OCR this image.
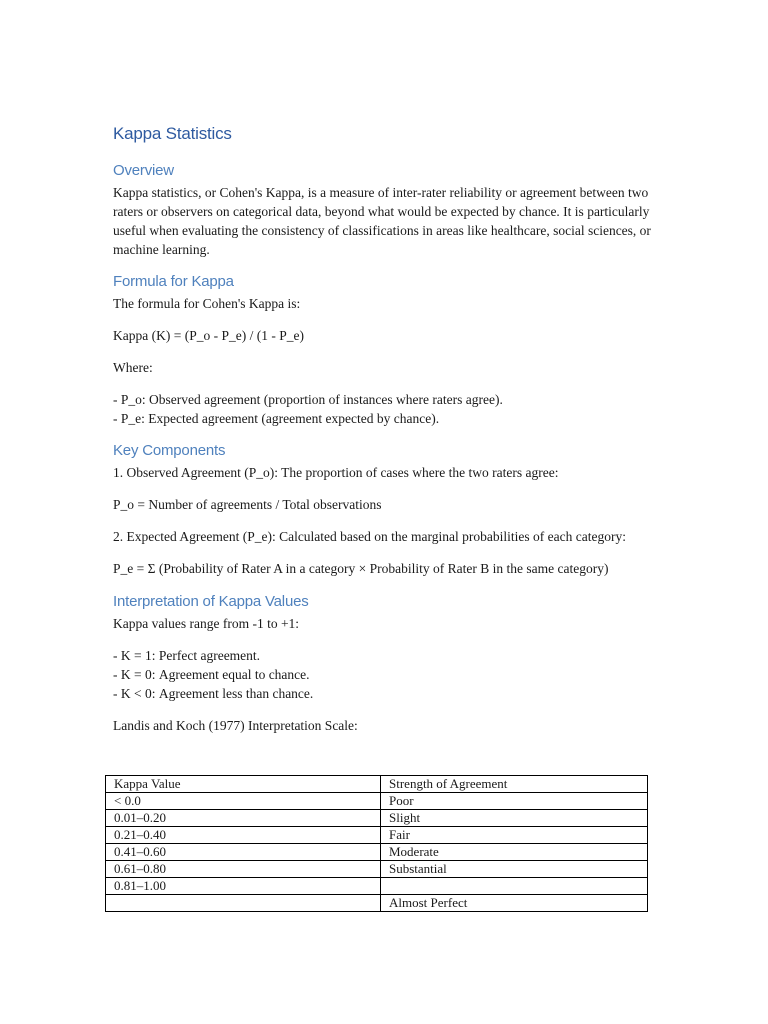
Kappa Statistics
Overview

Kappa statistics, or Cohen's Kappa, is a measure of inter-rater reliability or agreement between two raters or observers on categorical data, beyond what would be expected by chance. It is particularly useful when evaluating the consistency of classifications in areas like healthcare, social sciences, or machine learning.

Formula for Kappa

The formula for Cohen's Kappa is:

Kappa (Κ) = (P_o - P_e) / (1 - P_e)

Where:

- P_o: Observed agreement (proportion of instances where raters agree).

- P_e: Expected agreement (agreement expected by chance).

Key Components

1. Observed Agreement (P_o): The proportion of cases where the two raters agree:

P_o = Number of agreements / Total observations

2. Expected Agreement (P_e): Calculated based on the marginal probabilities of each category:

P_e = Σ (Probability of Rater A in a category × Probability of Rater B in the same category)

Interpretation of Kappa Values

Kappa values range from -1 to +1:

- Κ = 1: Perfect agreement.

- Κ = 0: Agreement equal to chance.

- Κ < 0: Agreement less than chance.

Landis and Koch (1977) Interpretation Scale:

Kappa Value	Strength of Agreement
< 0.0	Poor
0.01–0.20	Slight
0.21–0.40	Fair
0.41–0.60	Moderate
0.61–0.80	Substantial
0.81–1.00	
	Almost Perfect
